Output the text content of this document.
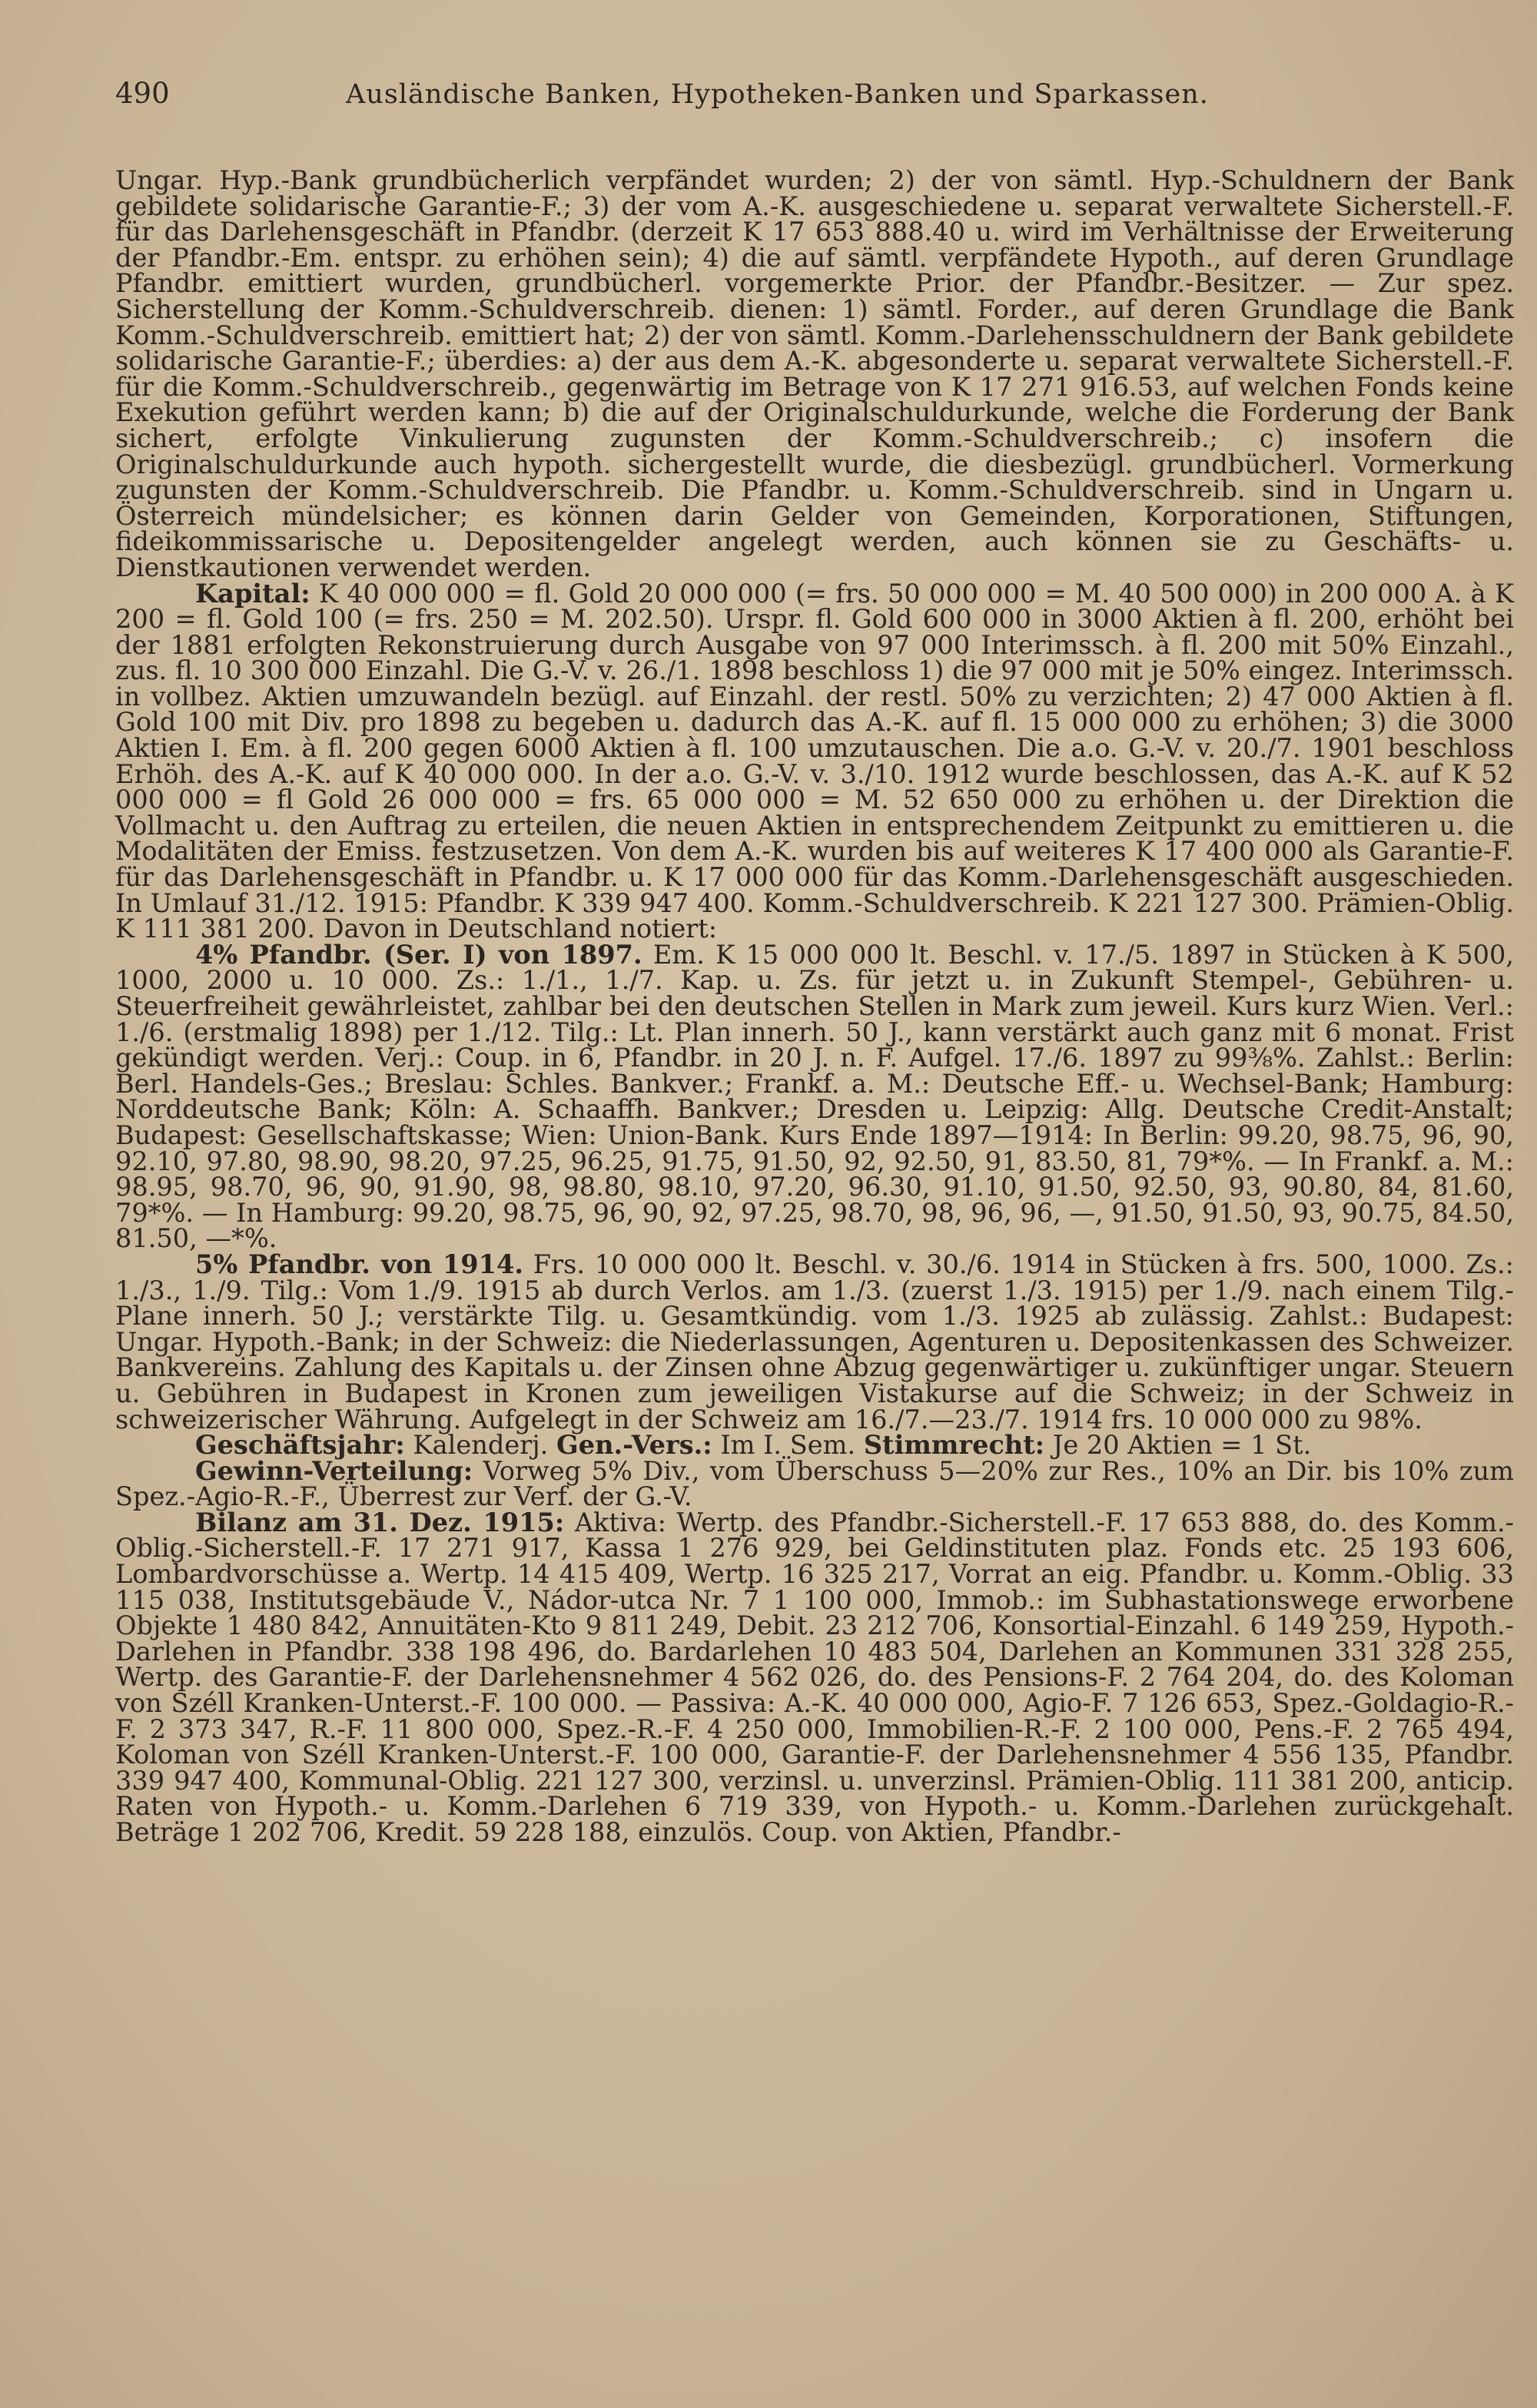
490	Ausländische Banken, Hypotheken-Banken und Sparkassen.

Ungar. Hyp.-Bank grundbücherlich verpfändet wurden; 2) der von sämtl. Hyp.-Schuldnern der Bank gebildete solidarische Garantie-F.; 3) der vom A.-K. ausgeschiedene u. separat verwaltete Sicherstell.-F. für das Darlehensgeschäft in Pfandbr. (derzeit K 17 653 888.40 u. wird im Verhältnisse der Erweiterung der Pfandbr.-Em. entspr. zu erhöhen sein); 4) die auf sämtl. verpfändete Hypoth., auf deren Grundlage Pfandbr. emittiert wurden, grundbücherl. vorgemerkte Prior. der Pfandbr.-Besitzer. — Zur spez. Sicherstellung der Komm.-Schuldverschreib. dienen: 1) sämtl. Forder., auf deren Grundlage die Bank Komm.-Schuldverschreib. emittiert hat; 2) der von sämtl. Komm.-Darlehensschuldnern der Bank gebildete solidarische Garantie-F.; überdies: a) der aus dem A.-K. abgesonderte u. separat verwaltete Sicherstell.-F. für die Komm.-Schuldverschreib., gegenwärtig im Betrage von K 17 271 916.53, auf welchen Fonds keine Exekution geführt werden kann; b) die auf der Originalschuldurkunde, welche die Forderung der Bank sichert, erfolgte Vinkulierung zugunsten der Komm.-Schuldverschreib.; c) insofern die Originalschuldurkunde auch hypoth. sichergestellt wurde, die diesbezügl. grundbücherl. Vormerkung zugunsten der Komm.-Schuldverschreib. Die Pfandbr. u. Komm.-Schuldverschreib. sind in Ungarn u. Österreich mündelsicher; es können darin Gelder von Gemeinden, Korporationen, Stiftungen, fideikommissarische u. Depositengelder angelegt werden, auch können sie zu Geschäfts- u. Dienstkautionen verwendet werden.

Kapital: K 40 000 000 = fl. Gold 20 000 000 (= frs. 50 000 000 = M. 40 500 000) in 200 000 A. à K 200 = fl. Gold 100 (= frs. 250 = M. 202.50). Urspr. fl. Gold 600 000 in 3000 Aktien à fl. 200, erhöht bei der 1881 erfolgten Rekonstruierung durch Ausgabe von 97 000 Interimssch. à fl. 200 mit 50% Einzahl., zus. fl. 10 300 000 Einzahl. Die G.-V. v. 26./1. 1898 beschloss 1) die 97 000 mit je 50% eingez. Interimssch. in vollbez. Aktien umzuwandeln bezügl. auf Einzahl. der restl. 50% zu verzichten; 2) 47 000 Aktien à fl. Gold 100 mit Div. pro 1898 zu begeben u. dadurch das A.-K. auf fl. 15 000 000 zu erhöhen; 3) die 3000 Aktien I. Em. à fl. 200 gegen 6000 Aktien à fl. 100 umzutauschen. Die a.o. G.-V. v. 20./7. 1901 beschloss Erhöh. des A.-K. auf K 40 000 000. In der a.o. G.-V. v. 3./10. 1912 wurde beschlossen, das A.-K. auf K 52 000 000 = fl Gold 26 000 000 = frs. 65 000 000 = M. 52 650 000 zu erhöhen u. der Direktion die Vollmacht u. den Auftrag zu erteilen, die neuen Aktien in entsprechendem Zeitpunkt zu emittieren u. die Modalitäten der Emiss. festzusetzen. Von dem A.-K. wurden bis auf weiteres K 17 400 000 als Garantie-F. für das Darlehensgeschäft in Pfandbr. u. K 17 000 000 für das Komm.-Darlehensgeschäft ausgeschieden. In Umlauf 31./12. 1915: Pfandbr. K 339 947 400. Komm.-Schuldverschreib. K 221 127 300. Prämien-Oblig. K 111 381 200. Davon in Deutschland notiert:

4% Pfandbr. (Ser. I) von 1897. Em. K 15 000 000 lt. Beschl. v. 17./5. 1897 in Stücken à K 500, 1000, 2000 u. 10 000. Zs.: 1./1., 1./7. Kap. u. Zs. für jetzt u. in Zukunft Stempel-, Gebühren- u. Steuerfreiheit gewährleistet, zahlbar bei den deutschen Stellen in Mark zum jeweil. Kurs kurz Wien. Verl.: 1./6. (erstmalig 1898) per 1./12. Tilg.: Lt. Plan innerh. 50 J., kann verstärkt auch ganz mit 6 monat. Frist gekündigt werden. Verj.: Coup. in 6, Pfandbr. in 20 J. n. F. Aufgel. 17./6. 1897 zu 99⅜%. Zahlst.: Berlin: Berl. Handels-Ges.; Breslau: Schles. Bankver.; Frankf. a. M.: Deutsche Eff.- u. Wechsel-Bank; Hamburg: Norddeutsche Bank; Köln: A. Schaaffh. Bankver.; Dresden u. Leipzig: Allg. Deutsche Credit-Anstalt; Budapest: Gesellschaftskasse; Wien: Union-Bank. Kurs Ende 1897—1914: In Berlin: 99.20, 98.75, 96, 90, 92.10, 97.80, 98.90, 98.20, 97.25, 96.25, 91.75, 91.50, 92, 92.50, 91, 83.50, 81, 79*%. — In Frankf. a. M.: 98.95, 98.70, 96, 90, 91.90, 98, 98.80, 98.10, 97.20, 96.30, 91.10, 91.50, 92.50, 93, 90.80, 84, 81.60, 79*%. — In Hamburg: 99.20, 98.75, 96, 90, 92, 97.25, 98.70, 98, 96, 96, —, 91.50, 91.50, 93, 90.75, 84.50, 81.50, —*%.

5% Pfandbr. von 1914. Frs. 10 000 000 lt. Beschl. v. 30./6. 1914 in Stücken à frs. 500, 1000. Zs.: 1./3., 1./9. Tilg.: Vom 1./9. 1915 ab durch Verlos. am 1./3. (zuerst 1./3. 1915) per 1./9. nach einem Tilg.-Plane innerh. 50 J.; verstärkte Tilg. u. Gesamtkündig. vom 1./3. 1925 ab zulässig. Zahlst.: Budapest: Ungar. Hypoth.-Bank; in der Schweiz: die Niederlassungen, Agenturen u. Depositenkassen des Schweizer. Bankvereins. Zahlung des Kapitals u. der Zinsen ohne Abzug gegenwärtiger u. zukünftiger ungar. Steuern u. Gebühren in Budapest in Kronen zum jeweiligen Vistakurse auf die Schweiz; in der Schweiz in schweizerischer Währung. Aufgelegt in der Schweiz am 16./7.—23./7. 1914 frs. 10 000 000 zu 98%.

Geschäftsjahr: Kalenderj. Gen.-Vers.: Im I. Sem. Stimmrecht: Je 20 Aktien = 1 St.

Gewinn-Verteilung: Vorweg 5% Div., vom Überschuss 5—20% zur Res., 10% an Dir. bis 10% zum Spez.-Agio-R.-F., Überrest zur Verf. der G.-V.

Bilanz am 31. Dez. 1915: Aktiva: Wertp. des Pfandbr.-Sicherstell.-F. 17 653 888, do. des Komm.-Oblig.-Sicherstell.-F. 17 271 917, Kassa 1 276 929, bei Geldinstituten plaz. Fonds etc. 25 193 606, Lombardvorschüsse a. Wertp. 14 415 409, Wertp. 16 325 217, Vorrat an eig. Pfandbr. u. Komm.-Oblig. 33 115 038, Institutsgebäude V., Nádor-utca Nr. 7 1 100 000, Immob.: im Subhastationswege erworbene Objekte 1 480 842, Annuitäten-Kto 9 811 249, Debit. 23 212 706, Konsortial-Einzahl. 6 149 259, Hypoth.-Darlehen in Pfandbr. 338 198 496, do. Bardarlehen 10 483 504, Darlehen an Kommunen 331 328 255, Wertp. des Garantie-F. der Darlehensnehmer 4 562 026, do. des Pensions-F. 2 764 204, do. des Koloman von Széll Kranken-Unterst.-F. 100 000. — Passiva: A.-K. 40 000 000, Agio-F. 7 126 653, Spez.-Goldagio-R.-F. 2 373 347, R.-F. 11 800 000, Spez.-R.-F. 4 250 000, Immobilien-R.-F. 2 100 000, Pens.-F. 2 765 494, Koloman von Széll Kranken-Unterst.-F. 100 000, Garantie-F. der Darlehensnehmer 4 556 135, Pfandbr. 339 947 400, Kommunal-Oblig. 221 127 300, verzinsl. u. unverzinsl. Prämien-Oblig. 111 381 200, anticip. Raten von Hypoth.- u. Komm.-Darlehen 6 719 339, von Hypoth.- u. Komm.-Darlehen zurückgehalt. Beträge 1 202 706, Kredit. 59 228 188, einzulös. Coup. von Aktien, Pfandbr.-
